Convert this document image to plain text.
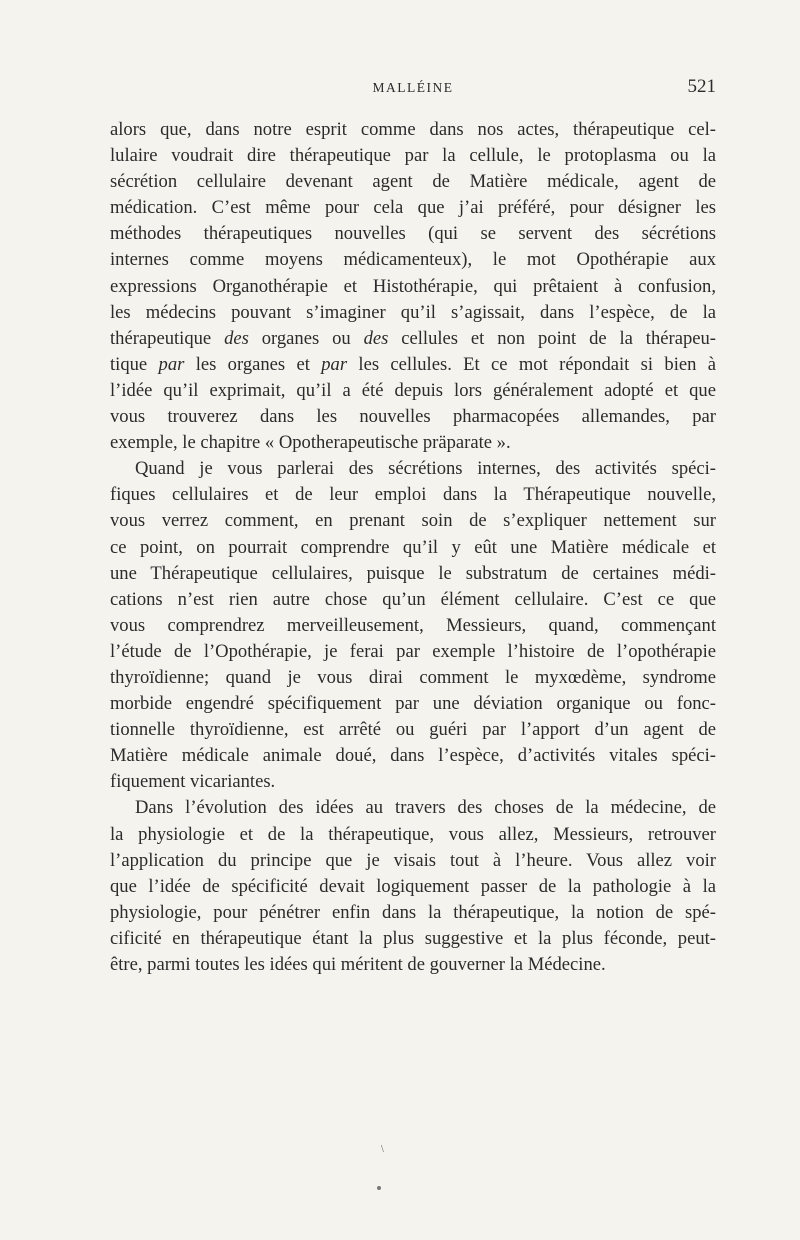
MALLÉINE	521
alors que, dans notre esprit comme dans nos actes, thérapeutique cel-
lulaire voudrait dire thérapeutique par la cellule, le protoplasma ou la
sécrétion cellulaire devenant agent de Matière médicale, agent de
médication. C’est même pour cela que j’ai préféré, pour désigner les
méthodes thérapeutiques nouvelles (qui se servent des sécrétions
internes comme moyens médicamenteux), le mot Opothérapie aux
expressions Organothérapie et Histothérapie, qui prêtaient à confusion,
les médecins pouvant s’imaginer qu’il s’agissait, dans l’espèce, de la
thérapeutique des organes ou des cellules et non point de la thérapeu-
tique par les organes et par les cellules. Et ce mot répondait si bien à
l’idée qu’il exprimait, qu’il a été depuis lors généralement adopté et que
vous trouverez dans les nouvelles pharmacopées allemandes, par
exemple, le chapitre « Opotherapeutische präparate ».
Quand je vous parlerai des sécrétions internes, des activités spéci-
fiques cellulaires et de leur emploi dans la Thérapeutique nouvelle,
vous verrez comment, en prenant soin de s’expliquer nettement sur
ce point, on pourrait comprendre qu’il y eût une Matière médicale et
une Thérapeutique cellulaires, puisque le substratum de certaines médi-
cations n’est rien autre chose qu’un élément cellulaire. C’est ce que
vous comprendrez merveilleusement, Messieurs, quand, commençant
l’étude de l’Opothérapie, je ferai par exemple l’histoire de l’opothérapie
thyroïdienne; quand je vous dirai comment le myxœdème, syndrome
morbide engendré spécifiquement par une déviation organique ou fonc-
tionnelle thyroïdienne, est arrêté ou guéri par l’apport d’un agent de
Matière médicale animale doué, dans l’espèce, d’activités vitales spéci-
fiquement vicariantes.
Dans l’évolution des idées au travers des choses de la médecine, de
la physiologie et de la thérapeutique, vous allez, Messieurs, retrouver
l’application du principe que je visais tout à l’heure. Vous allez voir
que l’idée de spécificité devait logiquement passer de la pathologie à la
physiologie, pour pénétrer enfin dans la thérapeutique, la notion de spé-
cificité en thérapeutique étant la plus suggestive et la plus féconde, peut-
être, parmi toutes les idées qui méritent de gouverner la Médecine.
\
